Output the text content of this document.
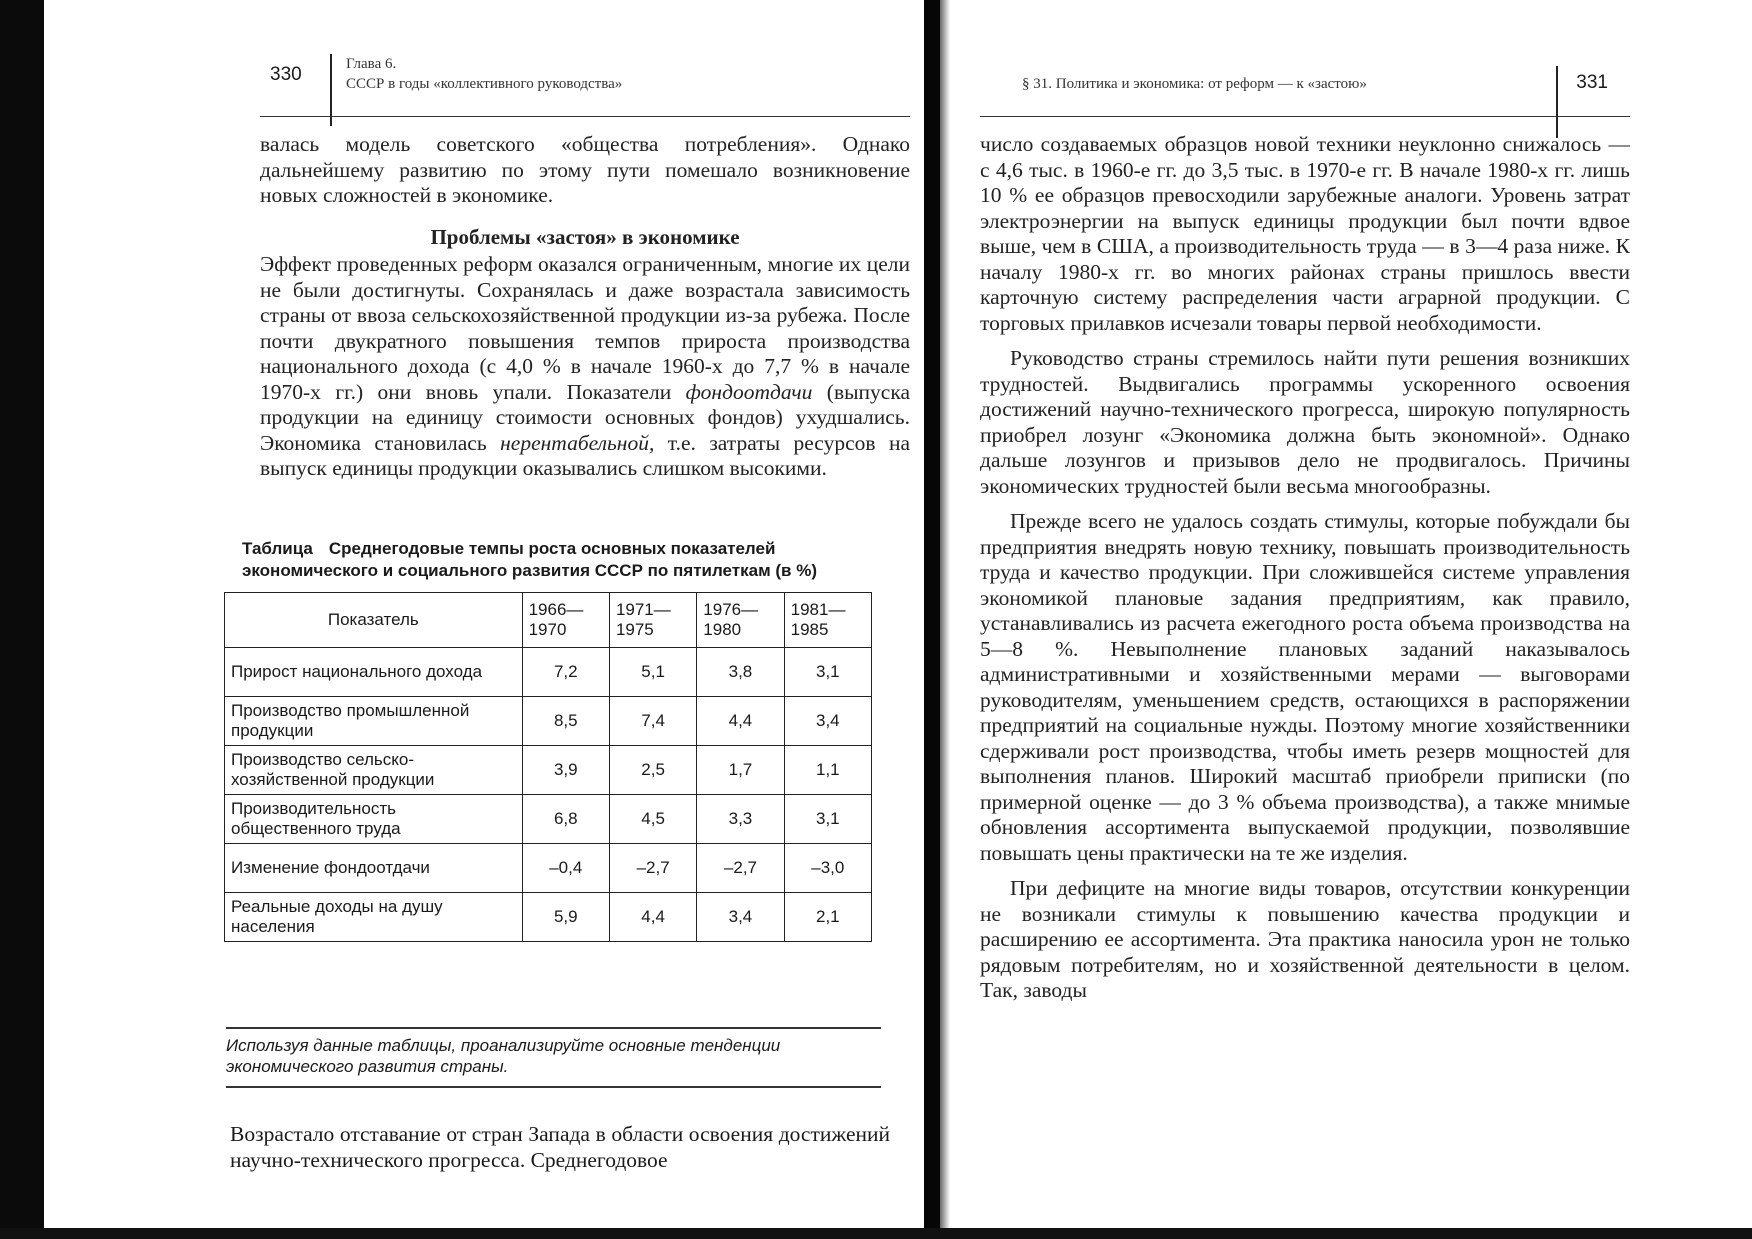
330	Глава 6.
СССР в годы «коллективного руководства»

валась модель советского «общества потребления». Однако дальнейшему развитию по этому пути помешало возникновение новых сложностей в экономике.

Проблемы «застоя» в экономике

Эффект проведенных реформ оказался ограниченным, многие их цели не были достигнуты. Сохранялась и даже возрастала зависимость страны от ввоза сельскохозяйственной продукции из-за рубежа. После почти двукратного повышения темпов прироста производства национального дохода (с 4,0 % в начале 1960-х до 7,7 % в начале 1970-х гг.) они вновь упали. Показатели фондоотдачи (выпуска продукции на единицу стоимости основных фондов) ухудшались. Экономика становилась нерентабельной, т.е. затраты ресурсов на выпуск единицы продукции оказывались слишком высокими.

Таблица Среднегодовые темпы роста основных показателей экономического и социального развития СССР по пятилеткам (в %)
Показатель	1966—1970	1971—1975	1976—1980	1981—1985
Прирост национального дохода	7,2	5,1	3,8	3,1
Производство промышленной продукции	8,5	7,4	4,4	3,4
Производство сельско-хозяйственной продукции	3,9	2,5	1,7	1,1
Производительность общественного труда	6,8	4,5	3,3	3,1
Изменение фондоотдачи	–0,4	–2,7	–2,7	–3,0
Реальные доходы на душу населения	5,9	4,4	3,4	2,1
Используя данные таблицы, проанализируйте основные тенденции экономического развития страны.
Возрастало отставание от стран Запада в области освоения достижений научно-технического прогресса. Среднегодовое
§ 31. Политика и экономика: от реформ — к «застою»	331

число создаваемых образцов новой техники неуклонно снижалось — с 4,6 тыс. в 1960-е гг. до 3,5 тыс. в 1970-е гг. В начале 1980-х гг. лишь 10 % ее образцов превосходили зарубежные аналоги. Уровень затрат электроэнергии на выпуск единицы продукции был почти вдвое выше, чем в США, а производительность труда — в 3—4 раза ниже. К началу 1980-х гг. во многих районах страны пришлось ввести карточную систему распределения части аграрной продукции. С торговых прилавков исчезали товары первой необходимости.

Руководство страны стремилось найти пути решения возникших трудностей. Выдвигались программы ускоренного освоения достижений научно-технического прогресса, широкую популярность приобрел лозунг «Экономика должна быть экономной». Однако дальше лозунгов и призывов дело не продвигалось. Причины экономических трудностей были весьма многообразны.

Прежде всего не удалось создать стимулы, которые побуждали бы предприятия внедрять новую технику, повышать производительность труда и качество продукции. При сложившейся системе управления экономикой плановые задания предприятиям, как правило, устанавливались из расчета ежегодного роста объема производства на 5—8 %. Невыполнение плановых заданий наказывалось административными и хозяйственными мерами — выговорами руководителям, уменьшением средств, остающихся в распоряжении предприятий на социальные нужды. Поэтому многие хозяйственники сдерживали рост производства, чтобы иметь резерв мощностей для выполнения планов. Широкий масштаб приобрели приписки (по примерной оценке — до 3 % объема производства), а также мнимые обновления ассортимента выпускаемой продукции, позволявшие повышать цены практически на те же изделия.

При дефиците на многие виды товаров, отсутствии конкуренции не возникали стимулы к повышению качества продукции и расширению ее ассортимента. Эта практика наносила урон не только рядовым потребителям, но и хозяйственной деятельности в целом. Так, заводы
